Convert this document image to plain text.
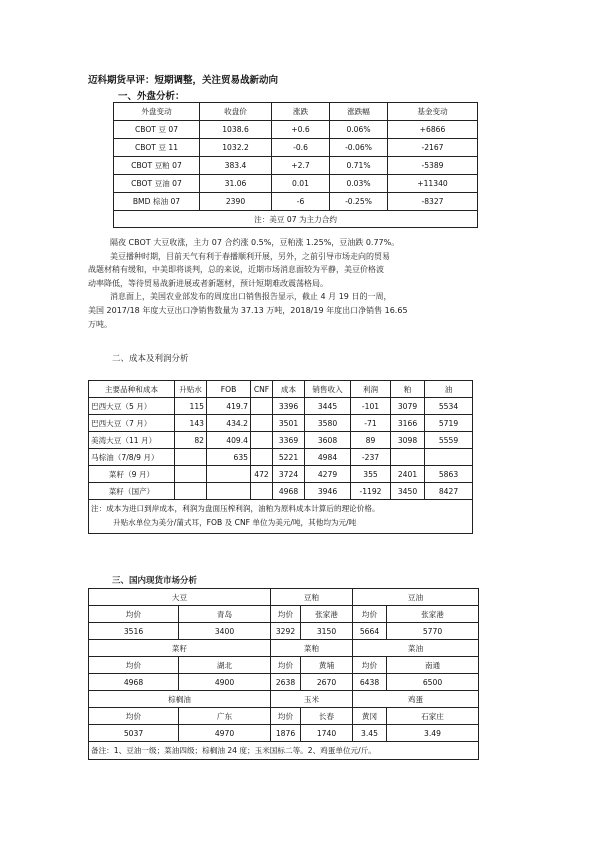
迈科期货早评：短期调整，关注贸易战新动向
一、外盘分析：
外盘变动	收盘价	涨跌	涨跌幅	基金变动
CBOT 豆 07	1038.6	+0.6	0.06%	+6866
CBOT 豆 11	1032.2	-0.6	-0.06%	-2167
CBOT 豆粕 07	383.4	+2.7	0.71%	-5389
CBOT 豆油 07	31.06	0.01	0.03%	+11340
BMD 棕油 07	2390	-6	-0.25%	-8327
注：美豆 07 为主力合约				
隔夜 CBOT 大豆收涨，主力 07 合约涨 0.5%，豆粕涨 1.25%，豆油跌 0.77%。
美豆播种时期，目前天气有利于春播顺利开展，另外，之前引导市场走向的贸易
战题材稍有缓和，中美即将谈判，总的来说，近期市场消息面较为平静，美豆价格波
动率降低，等待贸易战新进展或者新题材，预计短期难改震荡格局。
消息面上，美国农业部发布的周度出口销售报告显示，截止 4 月 19 日的一周，
美国 2017/18 年度大豆出口净销售数量为 37.13 万吨，2018/19 年度出口净销售 16.65
万吨。
二、成本及利润分析
主要品种和成本	升贴水	FOB	CNF	成本	销售收入	利润	粕	油
巴西大豆（5 月）	115	419.7		3396	3445	-101	3079	5534
巴西大豆（7 月）	143	434.2		3501	3580	-71	3166	5719
美湾大豆（11 月）	82	409.4		3369	3608	89	3098	5559
马棕油（7/8/9 月）		635		5221	4984	-237		
菜籽（9 月）			472	3724	4279	355	2401	5863
菜籽（国产）				4968	3946	-1192	3450	8427

注：成本为进口到岸成本，利润为盘面压榨利润，油粕为原料成本计算后的理论价格。
升贴水单位为美分/蒲式耳，FOB 及 CNF 单位为美元/吨，其他均为元/吨								
三、国内现货市场分析
大豆		豆粕		豆油	
均价	青岛	均价	张家港	均价	张家港
3516	3400	3292	3150	5664	5770
菜籽		菜粕		菜油	
均价	湖北	均价	黄埔	均价	南通
4968	4900	2638	2670	6438	6500
棕榈油		玉米		鸡蛋	
均价	广东	均价	长春	黄冈	石家庄
5037	4970	1876	1740	3.45	3.49
备注：1、豆油一级；菜油四级；棕榈油 24 度；玉米国标二等。2、鸡蛋单位元/斤。					
